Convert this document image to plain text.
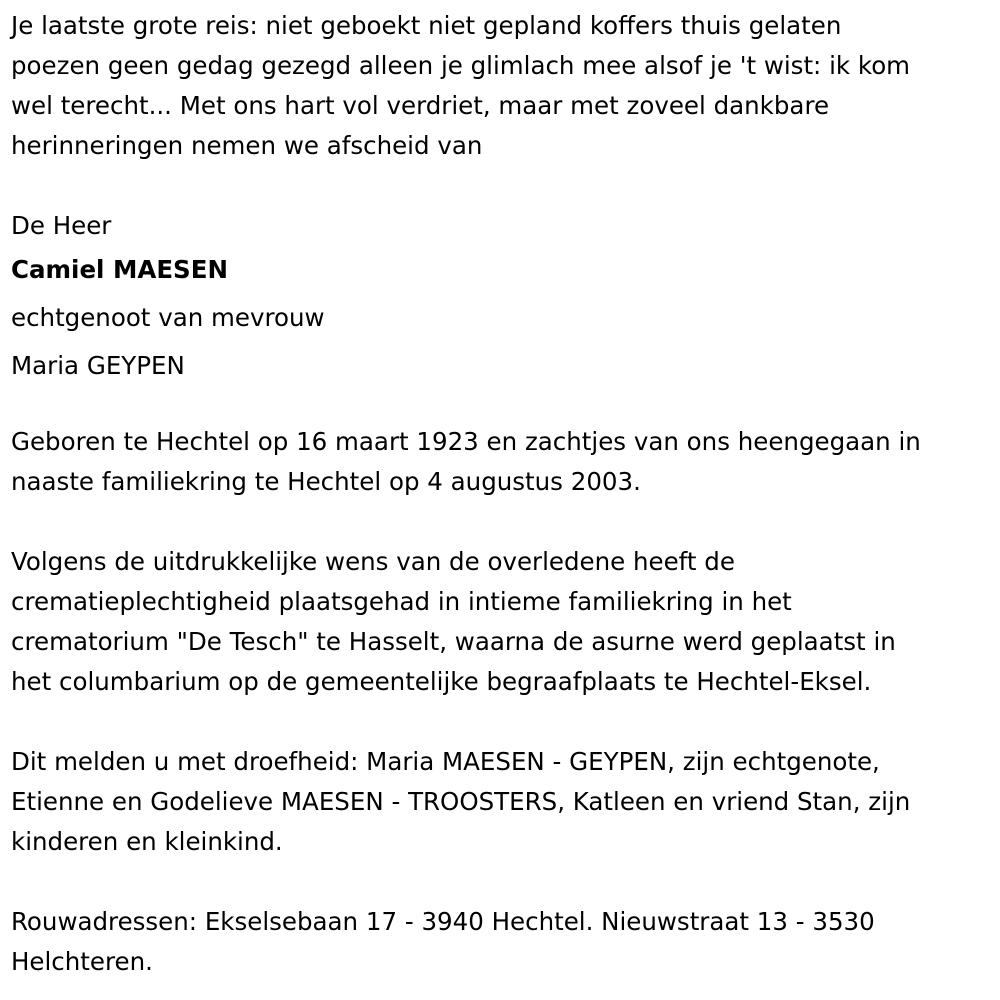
Je laatste grote reis: niet geboekt niet gepland koffers thuis gelaten
poezen geen gedag gezegd alleen je glimlach mee alsof je 't wist: ik kom
wel terecht... Met ons hart vol verdriet, maar met zoveel dankbare
herinneringen nemen we afscheid van

De Heer

Camiel MAESEN

echtgenoot van mevrouw

Maria GEYPEN

Geboren te Hechtel op 16 maart 1923 en zachtjes van ons heengegaan in
naaste familiekring te Hechtel op 4 augustus 2003.

Volgens de uitdrukkelijke wens van de overledene heeft de
crematieplechtigheid plaatsgehad in intieme familiekring in het
crematorium "De Tesch" te Hasselt, waarna de asurne werd geplaatst in
het columbarium op de gemeentelijke begraafplaats te Hechtel-Eksel.

Dit melden u met droefheid: Maria MAESEN - GEYPEN, zijn echtgenote,
Etienne en Godelieve MAESEN - TROOSTERS, Katleen en vriend Stan, zijn
kinderen en kleinkind.

Rouwadressen: Ekselsebaan 17 - 3940 Hechtel. Nieuwstraat 13 - 3530
Helchteren.
